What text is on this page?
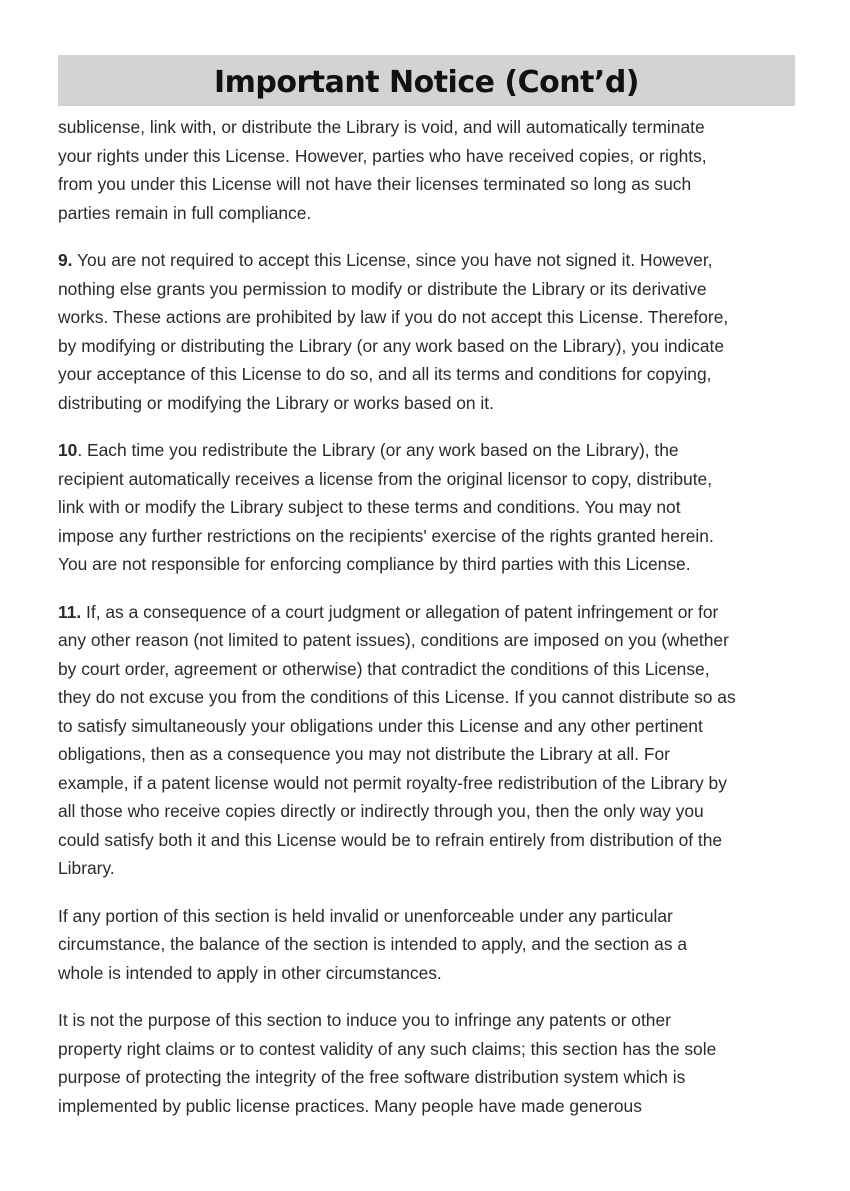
Important Notice (Cont’d)

sublicense, link with, or distribute the Library is void, and will automatically terminate
your rights under this License. However, parties who have received copies, or rights,
from you under this License will not have their licenses terminated so long as such
parties remain in full compliance.

9. You are not required to accept this License, since you have not signed it. However,
nothing else grants you permission to modify or distribute the Library or its derivative
works. These actions are prohibited by law if you do not accept this License. Therefore,
by modifying or distributing the Library (or any work based on the Library), you indicate
your acceptance of this License to do so, and all its terms and conditions for copying,
distributing or modifying the Library or works based on it.

10. Each time you redistribute the Library (or any work based on the Library), the
recipient automatically receives a license from the original licensor to copy, distribute,
link with or modify the Library subject to these terms and conditions. You may not
impose any further restrictions on the recipients' exercise of the rights granted herein.
You are not responsible for enforcing compliance by third parties with this License.

11. If, as a consequence of a court judgment or allegation of patent infringement or for
any other reason (not limited to patent issues), conditions are imposed on you (whether
by court order, agreement or otherwise) that contradict the conditions of this License,
they do not excuse you from the conditions of this License. If you cannot distribute so as
to satisfy simultaneously your obligations under this License and any other pertinent
obligations, then as a consequence you may not distribute the Library at all. For
example, if a patent license would not permit royalty-free redistribution of the Library by
all those who receive copies directly or indirectly through you, then the only way you
could satisfy both it and this License would be to refrain entirely from distribution of the
Library.

If any portion of this section is held invalid or unenforceable under any particular
circumstance, the balance of the section is intended to apply, and the section as a
whole is intended to apply in other circumstances.

It is not the purpose of this section to induce you to infringe any patents or other
property right claims or to contest validity of any such claims; this section has the sole
purpose of protecting the integrity of the free software distribution system which is
implemented by public license practices. Many people have made generous
